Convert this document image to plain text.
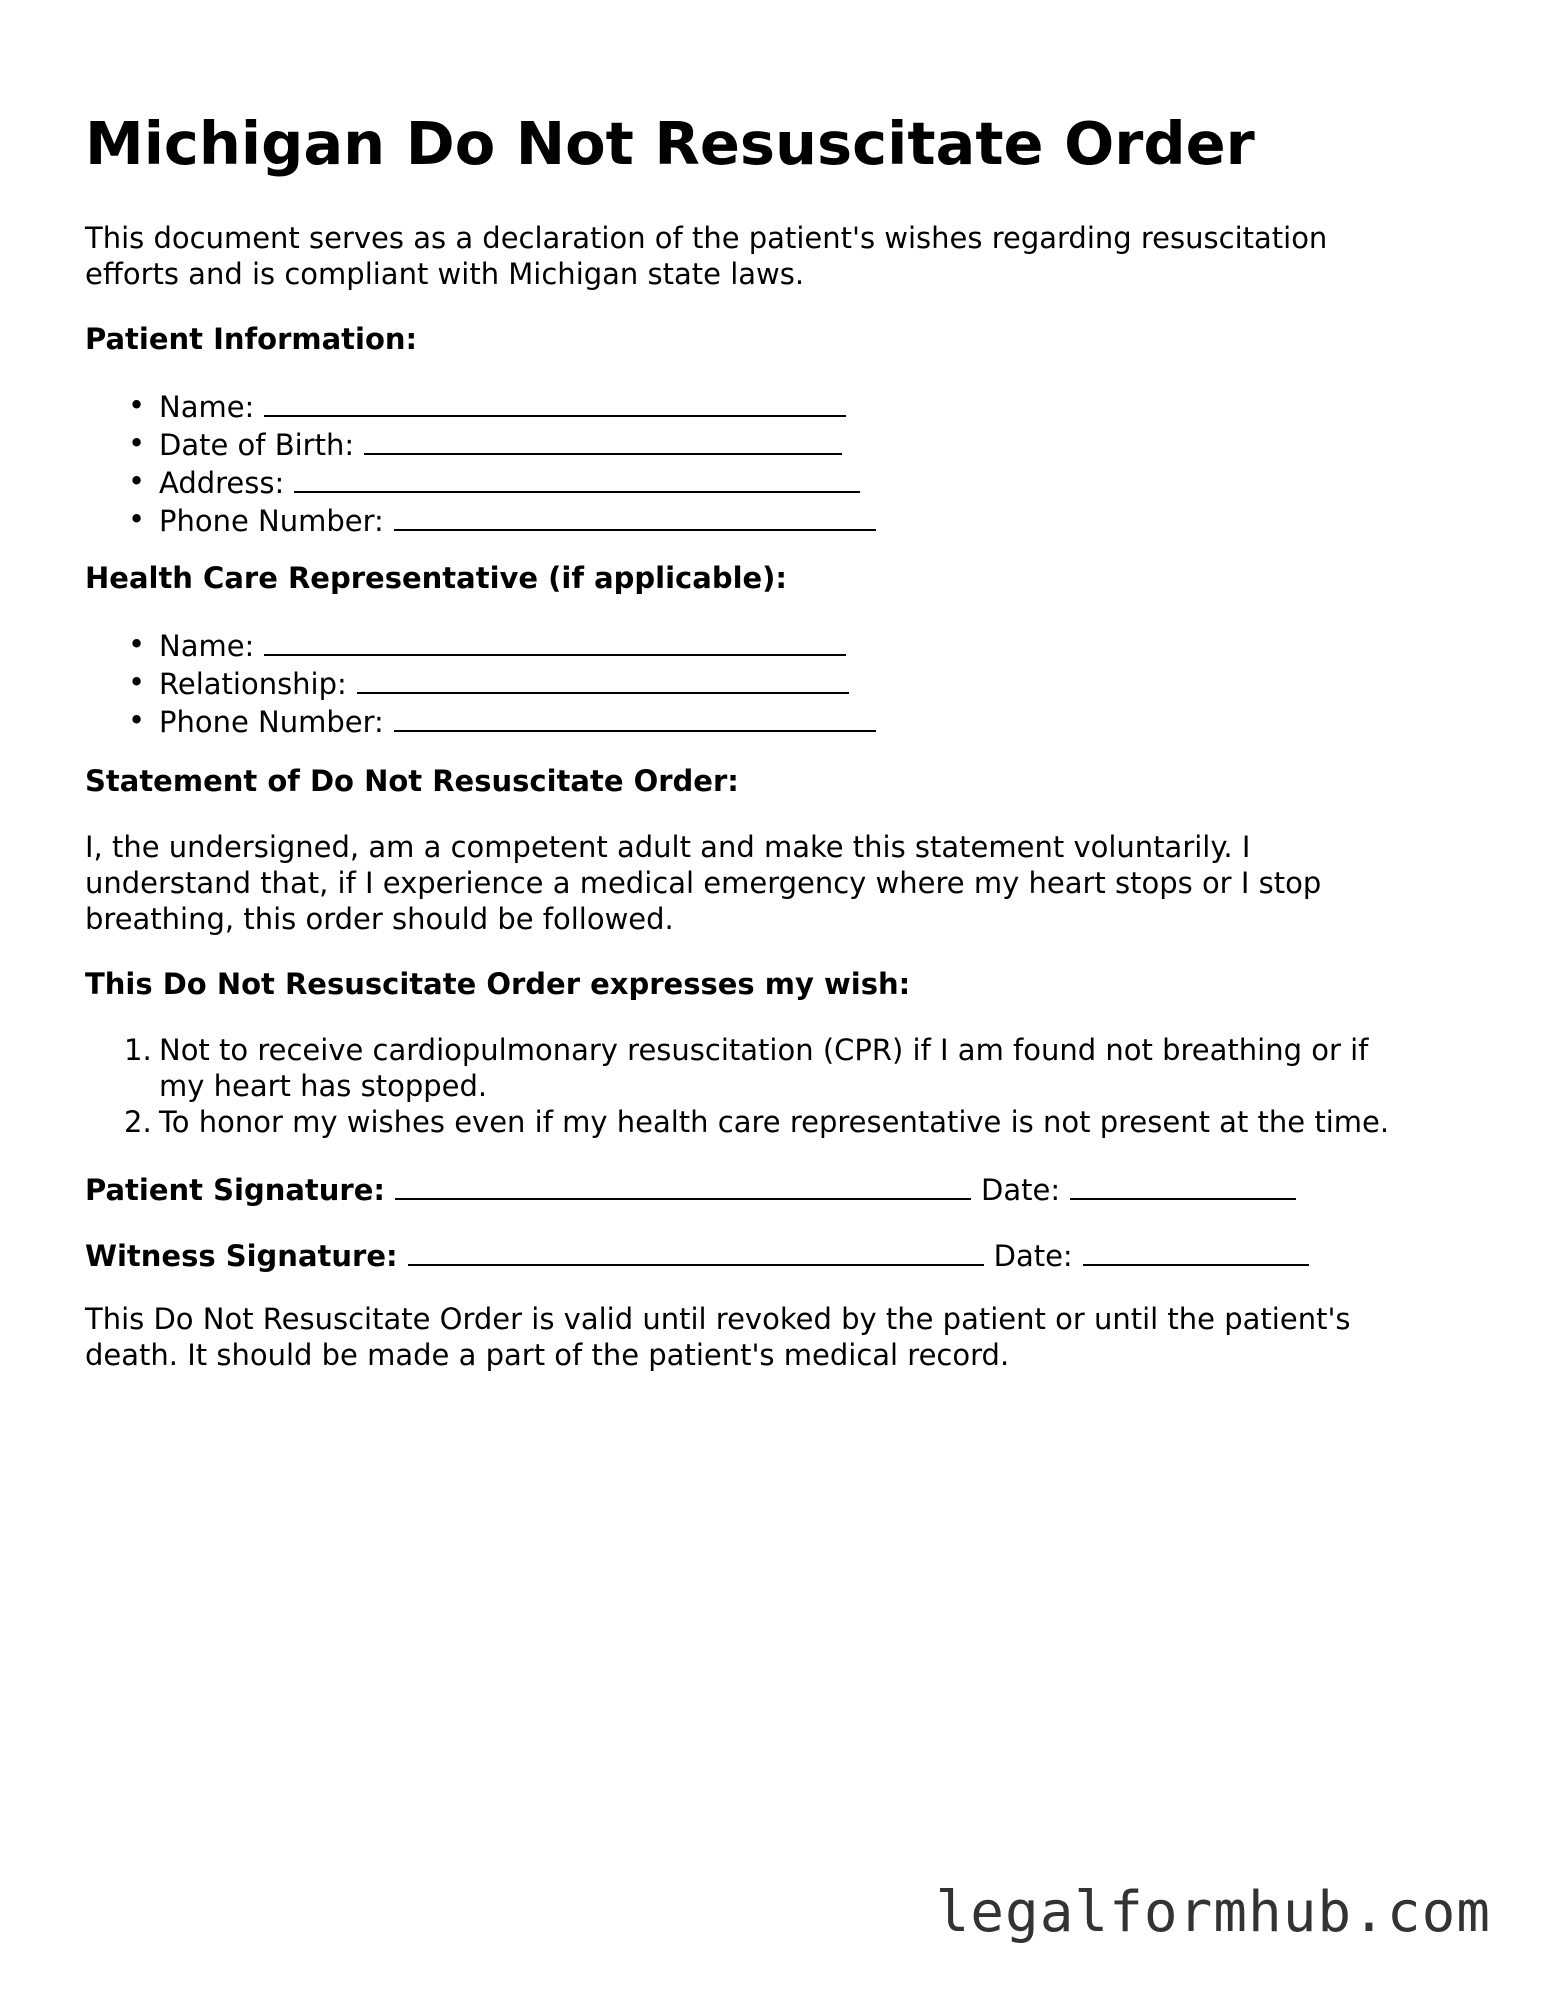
Michigan Do Not Resuscitate Order

This document serves as a declaration of the patient's wishes regarding resuscitation

efforts and is compliant with Michigan state laws.

Patient Information:

• Name:
• Date of Birth:
• Address:
• Phone Number:

Health Care Representative (if applicable):

• Name:
• Relationship:
• Phone Number:

Statement of Do Not Resuscitate Order:

I, the undersigned, am a competent adult and make this statement voluntarily. I

understand that, if I experience a medical emergency where my heart stops or I stop

breathing, this order should be followed.

This Do Not Resuscitate Order expresses my wish:

1. Not to receive cardiopulmonary resuscitation (CPR) if I am found not breathing or if
my heart has stopped.
2. To honor my wishes even if my health care representative is not present at the time.

Patient Signature:	Date:

Witness Signature:	Date:

This Do Not Resuscitate Order is valid until revoked by the patient or until the patient's

death. It should be made a part of the patient's medical record.

legalformhub.com
